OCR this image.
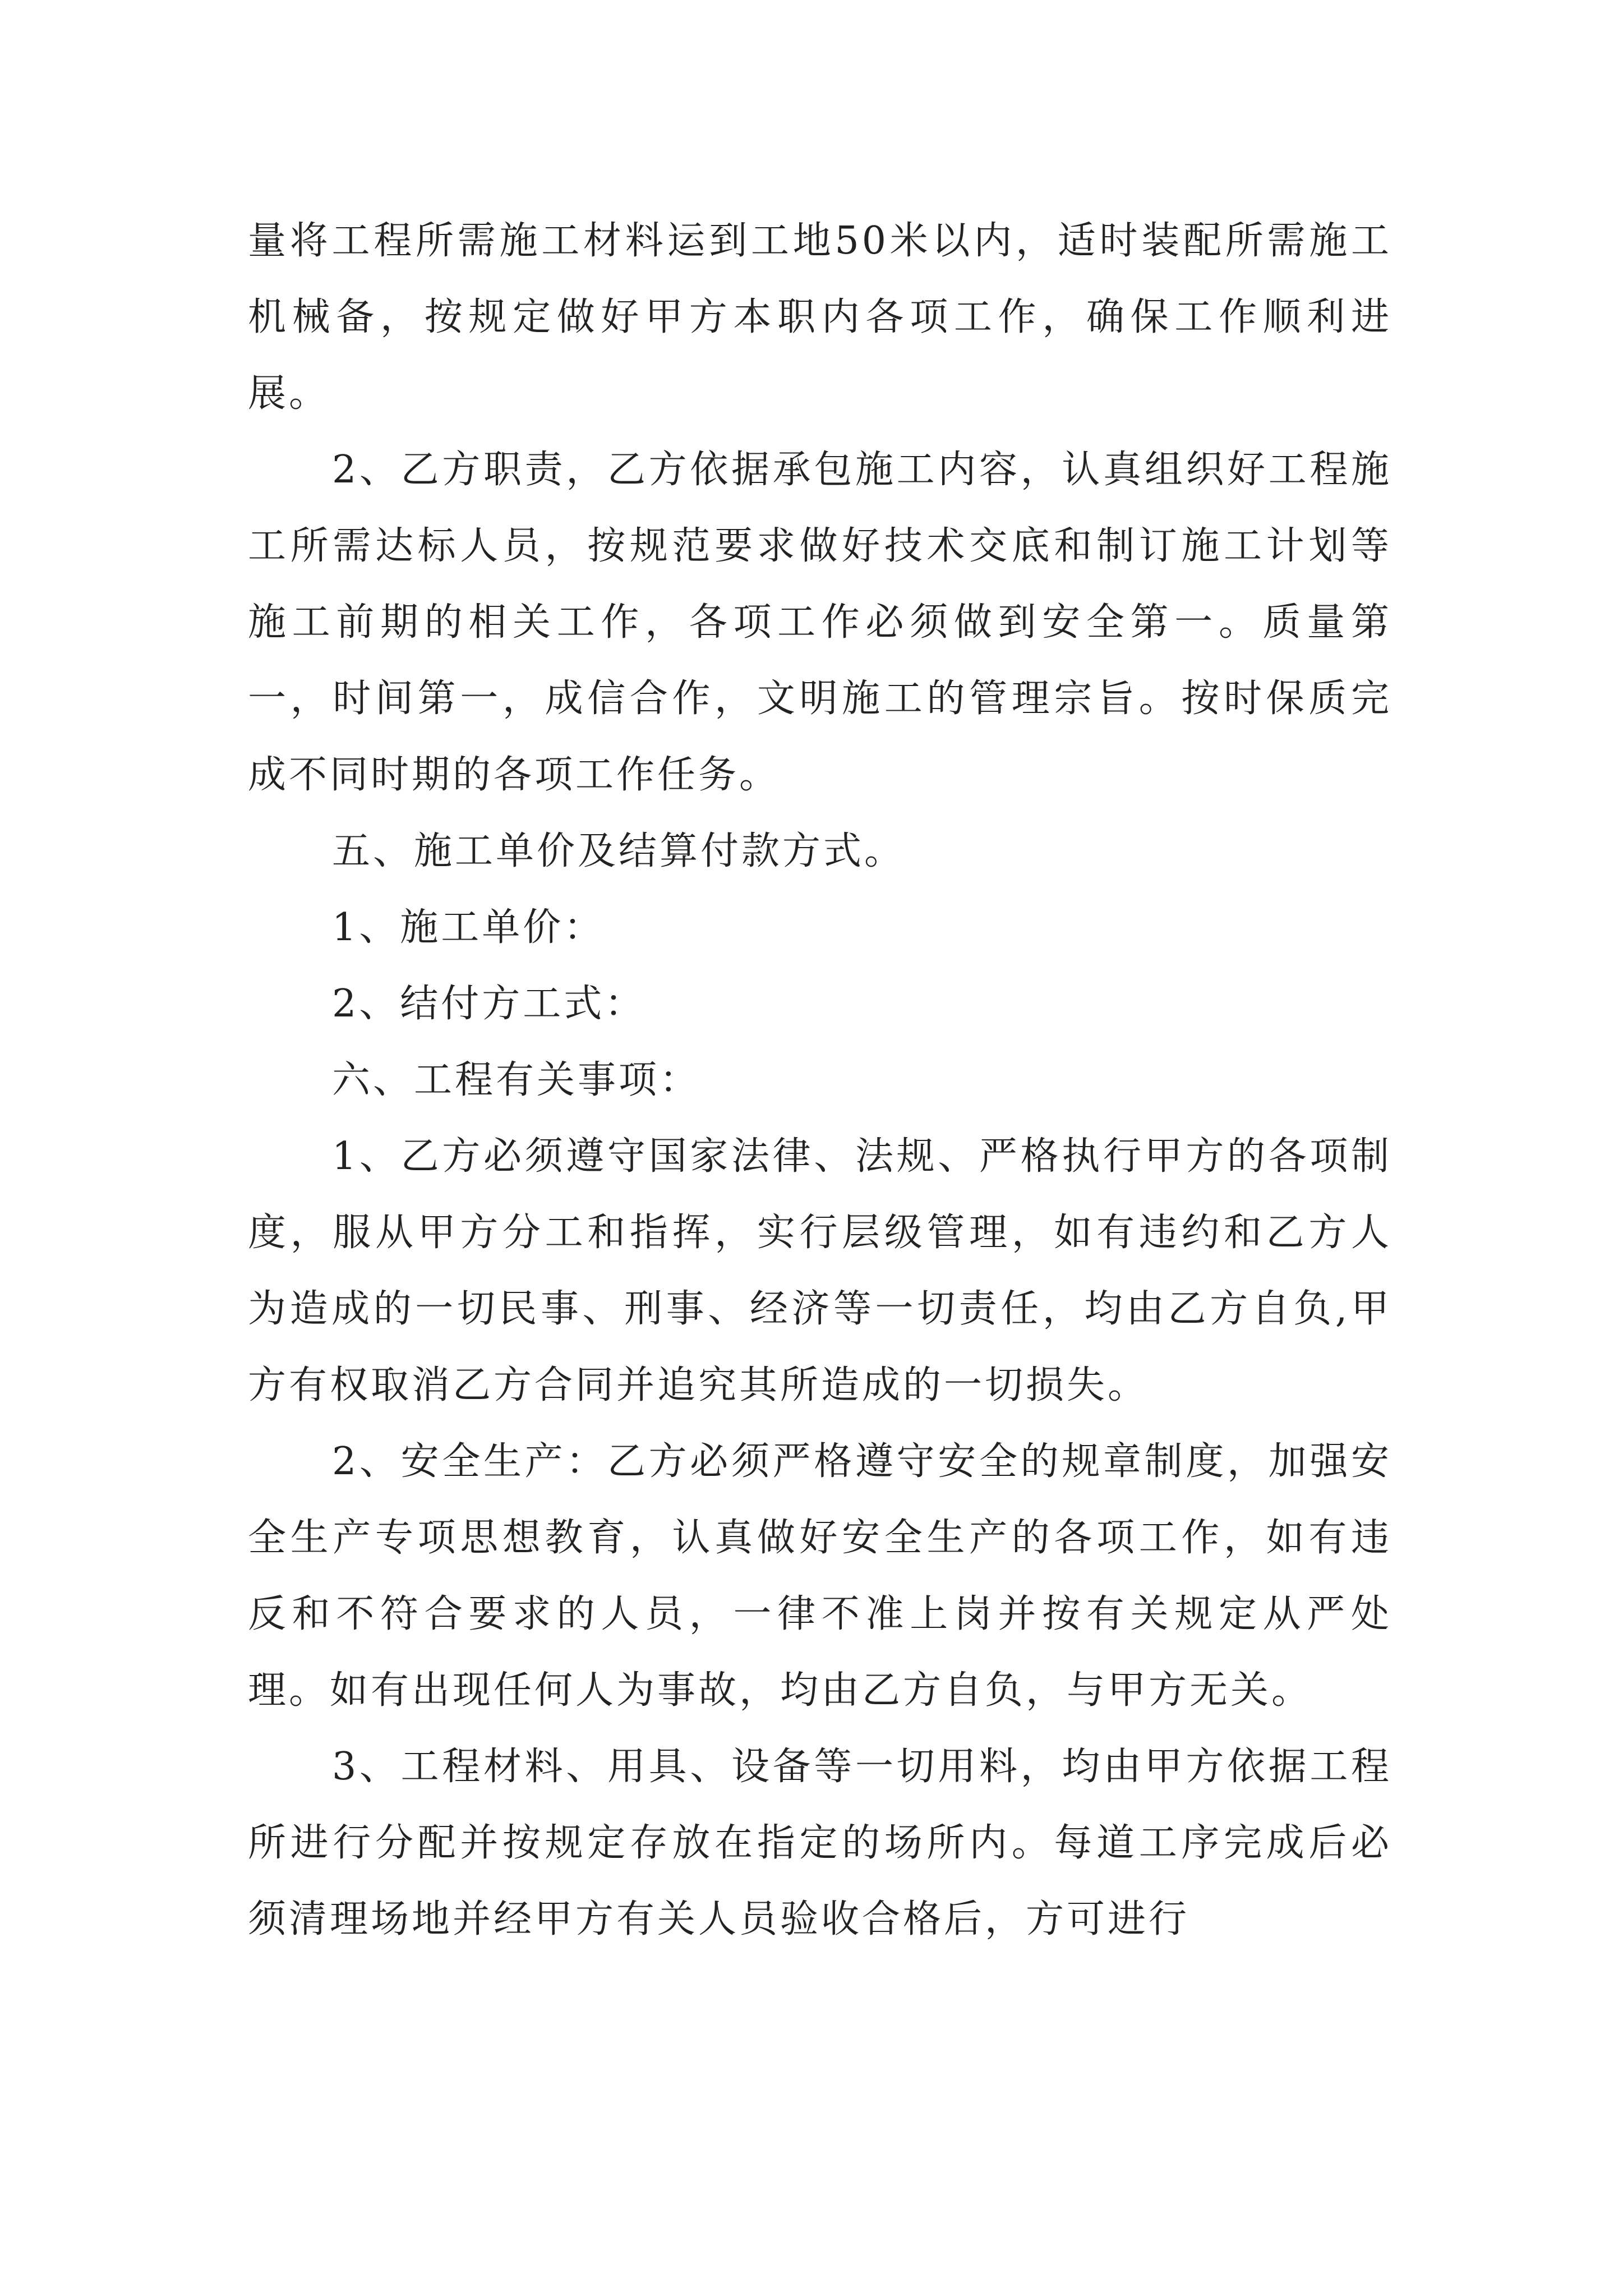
量将工程所需施工材料运到工地50米以内，适时装配所需施工机械备，按规定做好甲方本职内各项工作，确保工作顺利进展。

2、乙方职责，乙方依据承包施工内容，认真组织好工程施工所需达标人员，按规范要求做好技术交底和制订施工计划等施工前期的相关工作，各项工作必须做到安全第一。质量第一，时间第一，成信合作，文明施工的管理宗旨。按时保质完成不同时期的各项工作任务。

五、施工单价及结算付款方式。

1、施工单价：

2、结付方工式：

六、工程有关事项：

1、乙方必须遵守国家法律、法规、严格执行甲方的各项制度，服从甲方分工和指挥，实行层级管理，如有违约和乙方人为造成的一切民事、刑事、经济等一切责任，均由乙方自负,甲方有权取消乙方合同并追究其所造成的一切损失。

2、安全生产：乙方必须严格遵守安全的规章制度，加强安全生产专项思想教育，认真做好安全生产的各项工作，如有违反和不符合要求的人员，一律不准上岗并按有关规定从严处理。如有出现任何人为事故，均由乙方自负，与甲方无关。

3、工程材料、用具、设备等一切用料，均由甲方依据工程所进行分配并按规定存放在指定的场所内。每道工序完成后必须清理场地并经甲方有关人员验收合格后，方可进行
